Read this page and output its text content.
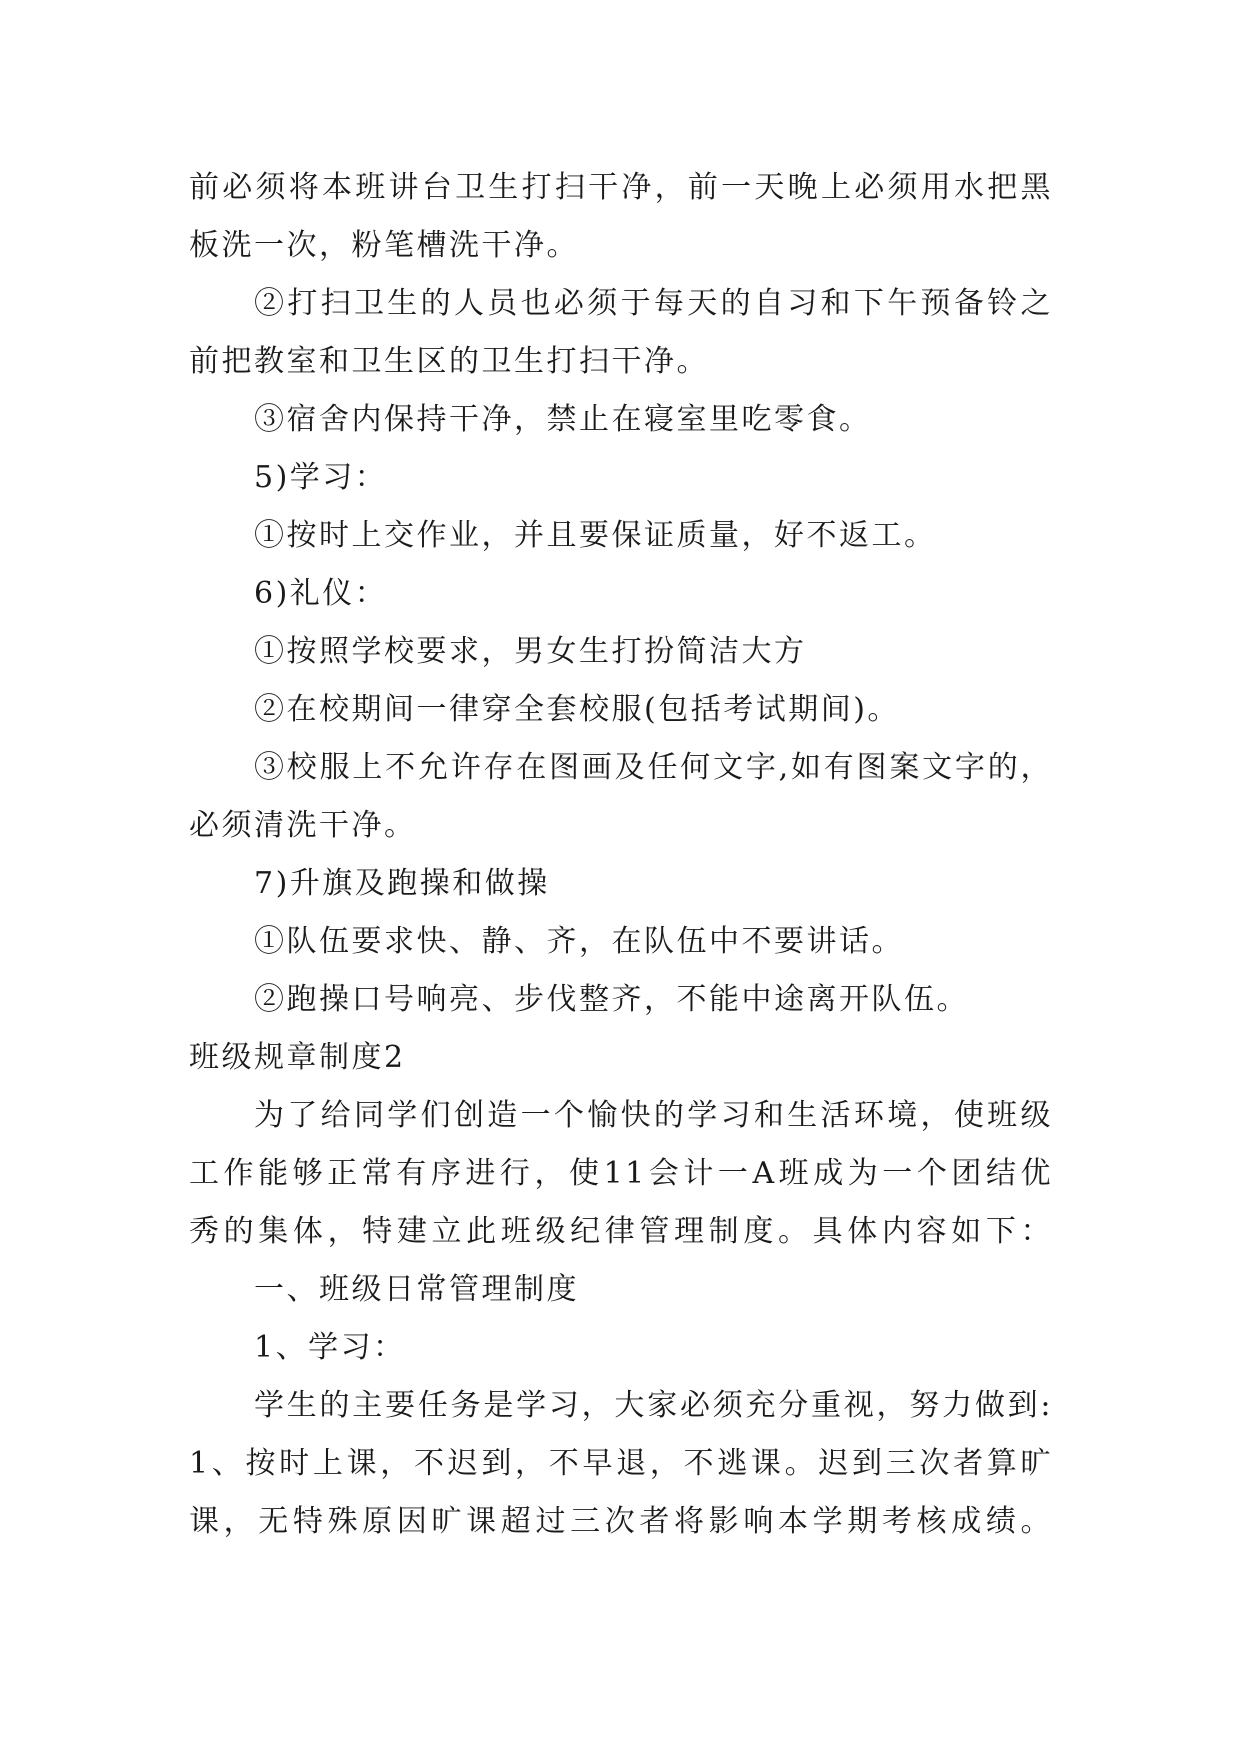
前必须将本班讲台卫生打扫干净，前一天晚上必须用水把黑
板洗一次，粉笔槽洗干净。
②打扫卫生的人员也必须于每天的自习和下午预备铃之
前把教室和卫生区的卫生打扫干净。
③宿舍内保持干净，禁止在寝室里吃零食。
5)学习：
①按时上交作业，并且要保证质量，好不返工。
6)礼仪：
①按照学校要求，男女生打扮简洁大方
②在校期间一律穿全套校服(包括考试期间)。
③校服上不允许存在图画及任何文字,如有图案文字的，
必须清洗干净。
7)升旗及跑操和做操
①队伍要求快、静、齐，在队伍中不要讲话。
②跑操口号响亮、步伐整齐，不能中途离开队伍。
班级规章制度2
为了给同学们创造一个愉快的学习和生活环境，使班级
工作能够正常有序进行，使11会计一A班成为一个团结优
秀的集体，特建立此班级纪律管理制度。具体内容如下：
一、班级日常管理制度
1、学习：
学生的主要任务是学习，大家必须充分重视，努力做到:
1、按时上课，不迟到，不早退，不逃课。迟到三次者算旷
课，无特殊原因旷课超过三次者将影响本学期考核成绩。
